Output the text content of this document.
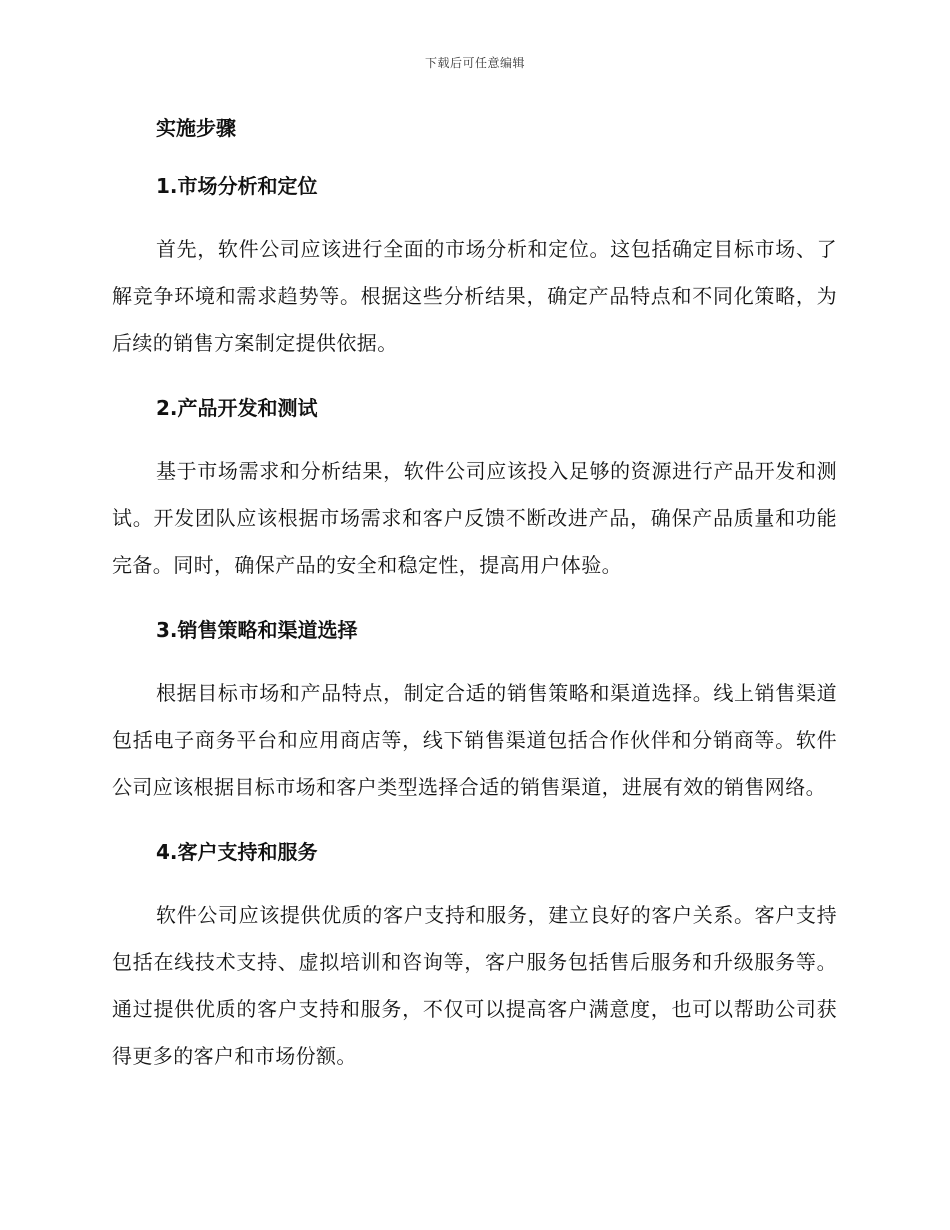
下载后可任意编辑
实施步骤
1.市场分析和定位

首先，软件公司应该进行全面的市场分析和定位。这包括确定目标市场、了解竞争环境和需求趋势等。根据这些分析结果，确定产品特点和不同化策略，为后续的销售方案制定提供依据。

2.产品开发和测试

基于市场需求和分析结果，软件公司应该投入足够的资源进行产品开发和测试。开发团队应该根据市场需求和客户反馈不断改进产品，确保产品质量和功能完备。同时，确保产品的安全和稳定性，提高用户体验。

3.销售策略和渠道选择

根据目标市场和产品特点，制定合适的销售策略和渠道选择。线上销售渠道包括电子商务平台和应用商店等，线下销售渠道包括合作伙伴和分销商等。软件公司应该根据目标市场和客户类型选择合适的销售渠道，进展有效的销售网络。

4.客户支持和服务

软件公司应该提供优质的客户支持和服务，建立良好的客户关系。客户支持包括在线技术支持、虚拟培训和咨询等，客户服务包括售后服务和升级服务等。通过提供优质的客户支持和服务，不仅可以提高客户满意度，也可以帮助公司获得更多的客户和市场份额。
